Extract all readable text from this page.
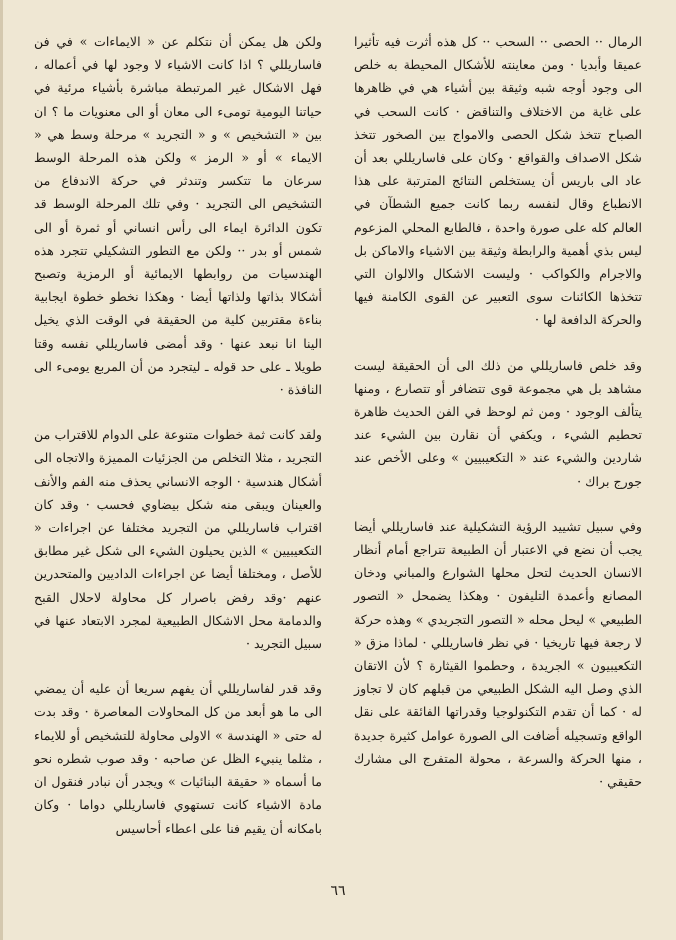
الرمال ·· الحصى ·· السحب ·· كل هذه أثرت فيه تأثيرا عميقا وأبديا · ومن معاينته للأشكال المحيطة به خلص الى وجود أوجه شبه وثيقة بين أشياء هي في ظاهرها على غاية من الاختلاف والتناقض · كانت السحب في الصباح تتخذ شكل الحصى والامواج بين الصخور تتخذ شكل الاصداف والقواقع · وكان على فاساريللي بعد أن عاد الى باريس أن يستخلص النتائج المترتبة على هذا الانطباع وقال لنفسه ربما كانت جميع الشطآن في العالم كله على صورة واحدة ، فالطابع المحلي المزعوم ليس بذي أهمية والرابطة وثيقة بين الاشياء والاماكن بل والاجرام والكواكب · وليست الاشكال والالوان التي تتخذها الكائنات سوى التعبير عن القوى الكامنة فيها والحركة الدافعة لها ·

وقد خلص فاساريللي من ذلك الى أن الحقيقة ليست مشاهد بل هي مجموعة قوى تتضافر أو تتصارع ، ومنها يتألف الوجود · ومن ثم لوحظ في الفن الحديث ظاهرة تحطيم الشيء ، ويكفي أن نقارن بين الشيء عند شاردين والشيء عند « التكعيبيين » وعلى الأخص عند جورج براك ·

وفي سبيل تشييد الرؤية التشكيلية عند فاساريللي أيضا يجب أن نضع في الاعتبار أن الطبيعة تتراجع أمام أنظار الانسان الحديث لتحل محلها الشوارع والمباني ودخان المصانع وأعمدة التليفون · وهكذا يضمحل « التصور الطبيعي » ليحل محله « التصور التجريدي » وهذه حركة لا رجعة فيها تاريخيا · في نظر فاساريللي · لماذا مزق « التكعيبيون » الجريدة ، وحطموا القيثارة ؟ لأن الاتقان الذي وصل اليه الشكل الطبيعي من قبلهم كان لا تجاوز له · كما أن تقدم التكنولوجيا وقدراتها الفائقة على نقل الواقع وتسجيله أضافت الى الصورة عوامل كثيرة جديدة ، منها الحركة والسرعة ، محولة المتفرج الى مشارك حقيقي ·

ولكن هل يمكن أن نتكلم عن « الايماءات » في فن فاساريللي ؟ اذا كانت الاشياء لا وجود لها في أعماله ، فهل الاشكال غير المرتبطة مباشرة بأشياء مرئية في حياتنا اليومية تومىء الى معان أو الى معنويات ما ؟ ان بين « التشخيص » و « التجريد » مرحلة وسط هي « الايماء » أو « الرمز » ولكن هذه المرحلة الوسط سرعان ما تتكسر وتندثر في حركة الاندفاع من التشخيص الى التجريد · وفي تلك المرحلة الوسط قد تكون الدائرة ايماء الى رأس انساني أو ثمرة أو الى شمس أو بدر ·· ولكن مع التطور التشكيلي تتجرد هذه الهندسيات من روابطها الايمائية أو الرمزية وتصبح أشكالا بذاتها ولذاتها أيضا · وهكذا نخطو خطوة ايجابية بناءة مقتربين كلية من الحقيقة في الوقت الذي يخيل الينا انا نبعد عنها · وقد أمضى فاساريللي نفسه وقتا طويلا ـ على حد قوله ـ ليتجرد من أن المربع يومىء الى النافذة ·

ولقد كانت ثمة خطوات متنوعة على الدوام للاقتراب من التجريد ، مثلا التخلص من الجزئيات المميزة والاتجاه الى أشكال هندسية · الوجه الانساني يحذف منه الفم والأنف والعينان ويبقى منه شكل بيضاوي فحسب · وقد كان اقتراب فاساريللي من التجريد مختلفا عن اجراءات « التكعيبيين » الذين يحيلون الشيء الى شكل غير مطابق للأصل ، ومختلفا أيضا عن اجراءات الداديين والمتحدرين عنهم ·وقد رفض باصرار كل محاولة لاحلال القبح والدمامة محل الاشكال الطبيعية لمجرد الابتعاد عنها في سبيل التجريد ·

وقد قدر لفاساريللي أن يفهم سريعا أن عليه أن يمضي الى ما هو أبعد من كل المحاولات المعاصرة · وقد بدت له حتى « الهندسة » الاولى محاولة للتشخيص أو للايماء ، مثلما ينبيء الظل عن صاحبه · وقد صوب شطره نحو ما أسماه « حقيقة البنائيات » ويجدر أن نبادر فنقول ان مادة الاشياء كانت تستهوي فاساريللي دواما · وكان بامكانه أن يقيم فنا على اعطاء أحاسيس

٦٦
